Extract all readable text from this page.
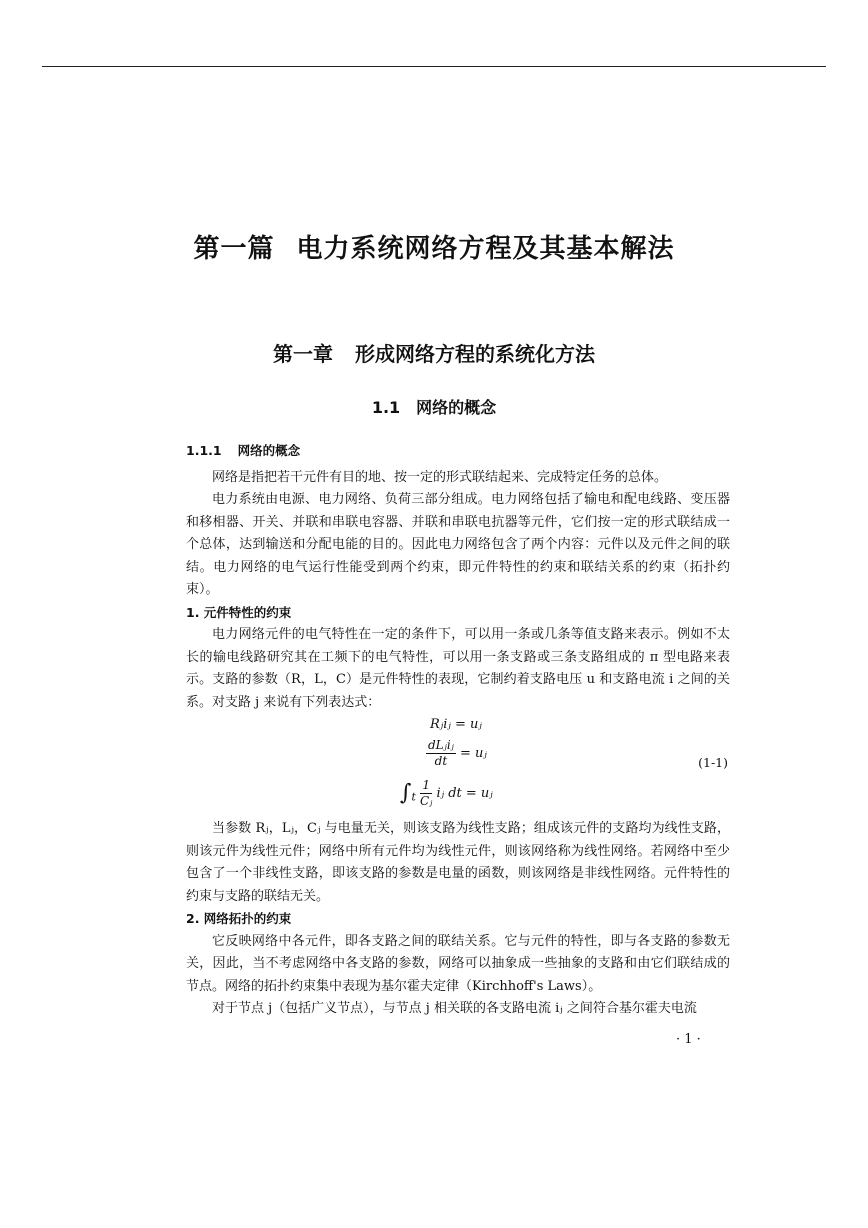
第一篇 电力系统网络方程及其基本解法
第一章 形成网络方程的系统化方法
1.1 网络的概念

1.1.1 网络的概念

网络是指把若干元件有目的地、按一定的形式联结起来、完成特定任务的总体。

电力系统由电源、电力网络、负荷三部分组成。电力网络包括了输电和配电线路、变压器和移相器、开关、并联和串联电容器、并联和串联电抗器等元件，它们按一定的形式联结成一个总体，达到输送和分配电能的目的。因此电力网络包含了两个内容：元件以及元件之间的联结。电力网络的电气运行性能受到两个约束，即元件特性的约束和联结关系的约束（拓扑约束）。

1. 元件特性的约束

电力网络元件的电气特性在一定的条件下，可以用一条或几条等值支路来表示。例如不太长的输电线路研究其在工频下的电气特性，可以用一条支路或三条支路组成的 π 型电路来表示。支路的参数（R，L，C）是元件特性的表现，它制约着支路电压 u 和支路电流 i 之间的关系。对支路 j 来说有下列表达式：

Rⱼiⱼ = uⱼ
$\frac{\text{dLⱼiⱼ}}{dt}$ = uⱼ
$\int_t \frac{1}{\text{Cⱼ}}$ iⱼ dt = uⱼ
(1-1)

当参数 Rⱼ，Lⱼ，Cⱼ 与电量无关，则该支路为线性支路；组成该元件的支路均为线性支路，则该元件为线性元件；网络中所有元件均为线性元件，则该网络称为线性网络。若网络中至少包含了一个非线性支路，即该支路的参数是电量的函数，则该网络是非线性网络。元件特性的约束与支路的联结无关。

2. 网络拓扑的约束

它反映网络中各元件，即各支路之间的联结关系。它与元件的特性，即与各支路的参数无关，因此，当不考虑网络中各支路的参数，网络可以抽象成一些抽象的支路和由它们联结成的节点。网络的拓扑约束集中表现为基尔霍夫定律（Kirchhoff's Laws）。

对于节点 j（包括广义节点），与节点 j 相关联的各支路电流 iⱼ 之间符合基尔霍夫电流

· 1 ·
